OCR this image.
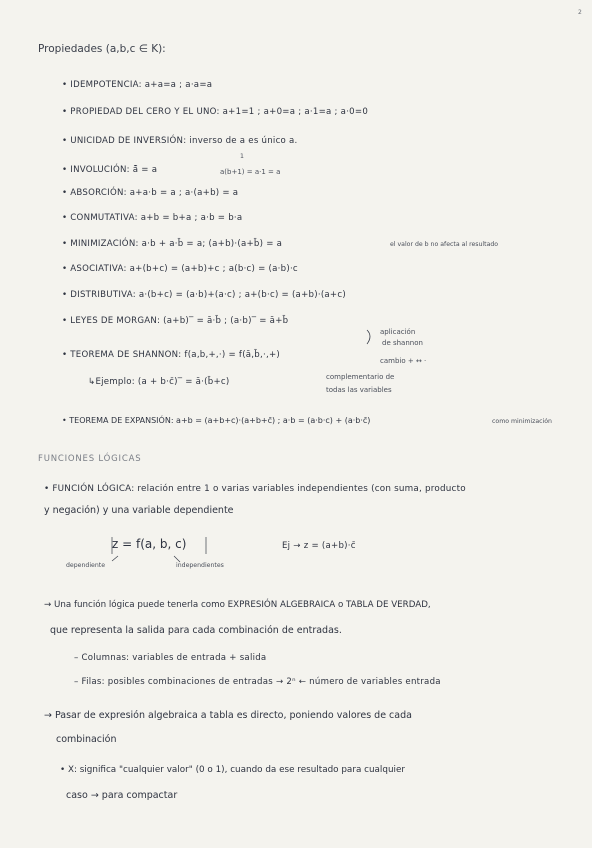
2
Propiedades (a,b,c ∈ K):
• IDEMPOTENCIA: a+a=a ; a·a=a
• PROPIEDAD DEL CERO Y EL UNO: a+1=1 ; a+0=a ; a·1=a ; a·0=0
• UNICIDAD DE INVERSIÓN: inverso de a es único a.
1
• INVOLUCIÓN: ā̄ = a	a(b+1) = a·1 = a
• ABSORCIÓN: a+a·b = a ; a·(a+b) = a
• CONMUTATIVA: a+b = b+a ; a·b = b·a
• MINIMIZACIÓN: a·b + a·b̄ = a; (a+b)·(a+b̄) = a	el valor de b no afecta al resultado
• ASOCIATIVA: a+(b+c) = (a+b)+c ; a(b·c) = (a·b)·c
• DISTRIBUTIVA: a·(b+c) = (a·b)+(a·c) ; a+(b·c) = (a+b)·(a+c)
• LEYES DE MORGAN: (a+b)‾ = ā·b̄ ; (a·b)‾ = ā+b̄
aplicación
de shannon
• TEOREMA DE SHANNON: f(a,b,+,·) = f(ā,b̄,·,+)
cambio + ↔ ·
complementario de
↳Ejemplo: (a + b·c̄)‾ = ā·(b̄+c)
todas las variables
• TEOREMA DE EXPANSIÓN: a+b = (a+b+c)·(a+b+c̄) ; a·b = (a·b·c) + (a·b·c̄)	como minimización
FUNCIONES LÓGICAS
• FUNCIÓN LÓGICA: relación entre 1 o varias variables independientes (con suma, producto
y negación) y una variable dependiente
z = f(a, b, c)	Ej → z = (a+b)·c̄
dependiente	independientes
→ Una función lógica puede tenerla como EXPRESIÓN ALGEBRAICA o TABLA DE VERDAD,
que representa la salida para cada combinación de entradas.
– Columnas: variables de entrada + salida
– Filas: posibles combinaciones de entradas → 2ⁿ ← número de variables entrada
→ Pasar de expresión algebraica a tabla es directo, poniendo valores de cada
combinación
• X: significa "cualquier valor" (0 o 1), cuando da ese resultado para cualquier
caso → para compactar
